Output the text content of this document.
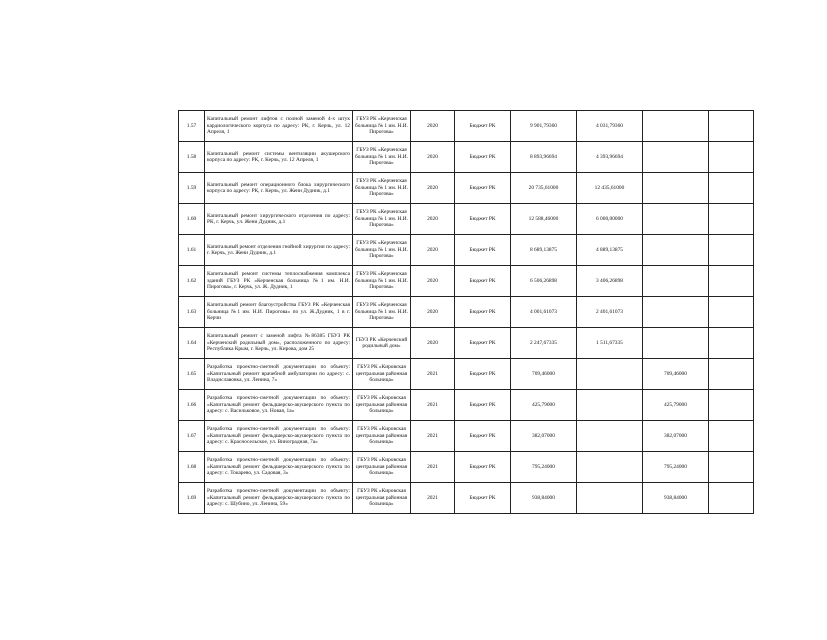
1.57	Капитальный ремонт лифтов с полной заменой 4-х штук кардиологического корпуса по адресу: РК, г. Керчь, ул. 12 Апреля, 1	ГБУЗ РК «Керченская больница № 1 им. Н.И. Пирогова»	2020	Бюджет РК	9 901,79360	4 031,79360		
1.58	Капитальный ремонт системы вентиляции акушерского корпуса по адресу: РК, г. Керчь, ул. 12 Апреля, 1	ГБУЗ РК «Керченская больница № 1 им. Н.И. Пирогова»	2020	Бюджет РК	8 893,96694	4 393,96694		
1.59	Капитальный ремонт операционного блока хирургического корпуса по адресу: РК, г. Керчь, ул. Жени Дудник, д.1	ГБУЗ РК «Керченская больница № 1 им. Н.И. Пирогова»	2020	Бюджет РК	20 735,61000	12 435,61000		
1.60	Капитальный ремонт хирургического отделения по адресу: РК, г. Керчь, ул. Жени Дудник, д.1	ГБУЗ РК «Керченская больница № 1 им. Н.И. Пирогова»	2020	Бюджет РК	12 588,46000	6 000,00000		
1.61	Капитальный ремонт отделения гнойной хирургии по адресу: г. Керчь, ул. Жени Дудник, д.1	ГБУЗ РК «Керченская больница № 1 им. Н.И. Пирогова»	2020	Бюджет РК	8 689,13875	4 889,13875		
1.62	Капитальный ремонт системы теплоснабжения комплекса зданий ГБУЗ РК «Керченская больница №1 им. Н.И. Пирогова», г. Керчь, ул. Ж. Дудник, 1	ГБУЗ РК «Керченская больница № 1 им. Н.И. Пирогова»	2020	Бюджет РК	6 506,26898	3 406,26898		
1.63	Капитальный ремонт благоустройства ГБУЗ РК «Керченская больница №1 им. Н.И. Пирогова» по ул. Ж.Дудник, 1 в г. Керчи	ГБУЗ РК «Керченская больница № 1 им. Н.И. Пирогова»	2020	Бюджет РК	4 001,61073	2 401,61073		
1.64	Капитальный ремонт с заменой лифта №86385 ГБУЗ РК «Керченский родильный дом», расположенного по адресу: Республика Крым, г. Керчь, ул. Кирова, дом 25	ГБУЗ РК «Керченский родильный дом»	2020	Бюджет РК	2 247,67335	1 511,67335		
1.65	Разработка проектно-сметной документации по объекту: «Капитальный ремонт врачебной амбулатории по адресу: с. Владиславовка, ул. Ленина, 7»	ГБУЗ РК «Кировская центральная районная больница»	2021	Бюджет РК	709,46000		709,46000	
1.66	Разработка проектно-сметной документации по объекту: «Капитальный ремонт фельдшерско-акушерского пункта по адресу: с. Васильковое, ул. Новая, 1а»	ГБУЗ РК «Кировская центральная районная больница»	2021	Бюджет РК	425,79000		425,79000	
1.67	Разработка проектно-сметной документации по объекту: «Капитальный ремонт фельдшерско-акушерского пункта по адресу: с. Красносельское, ул. Виноградная, 7а»	ГБУЗ РК «Кировская центральная районная больница»	2021	Бюджет РК	382,07000		382,07000	
1.68	Разработка проектно-сметной документации по объекту: «Капитальный ремонт фельдшерско-акушерского пункта по адресу: с. Токарево, ул. Садовая, 3»	ГБУЗ РК «Кировская центральная районная больница»	2021	Бюджет РК	795,24000		795,24000	
1.69	Разработка проектно-сметной документации по объекту: «Капитальный ремонт фельдшерско-акушерского пункта по адресу: с. Шубино, ул. Ленина, 59»	ГБУЗ РК «Кировская центральная районная больница»	2021	Бюджет РК	938,84000		938,84000	
